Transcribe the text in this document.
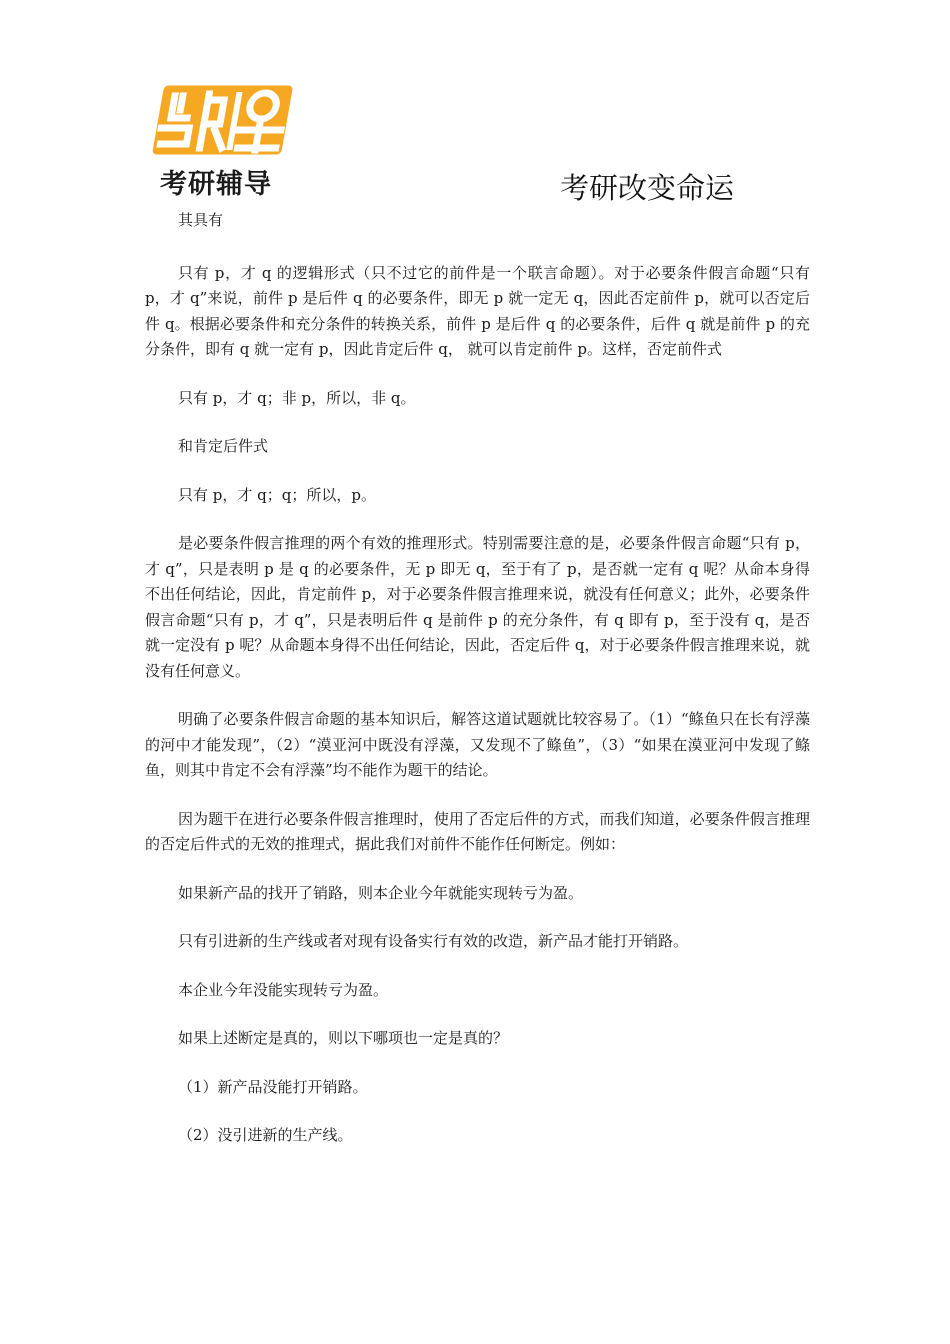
考研辅导	考研改变命运

其具有

只有 p，才 q 的逻辑形式（只不过它的前件是一个联言命题）。对于必要条件假言命题“只有 p，才 q”来说，前件 p 是后件 q 的必要条件，即无 p 就一定无 q，因此否定前件 p，就可以否定后件 q。根据必要条件和充分条件的转换关系，前件 p 是后件 q 的必要条件，后件 q 就是前件 p 的充分条件，即有 q 就一定有 p，因此肯定后件 q， 就可以肯定前件 p。这样，否定前件式

只有 p，才 q；非 p，所以，非 q。

和肯定后件式

只有 p，才 q；q；所以，p。

是必要条件假言推理的两个有效的推理形式。特别需要注意的是，必要条件假言命题“只有 p，才 q”，只是表明 p 是 q 的必要条件，无 p 即无 q，至于有了 p，是否就一定有 q 呢？从命本身得不出任何结论，因此，肯定前件 p，对于必要条件假言推理来说，就没有任何意义；此外，必要条件假言命题“只有 p，才 q”，只是表明后件 q 是前件 p 的充分条件，有 q 即有 p，至于没有 q，是否就一定没有 p 呢？从命题本身得不出任何结论，因此，否定后件 q，对于必要条件假言推理来说，就没有任何意义。

明确了必要条件假言命题的基本知识后，解答这道试题就比较容易了。（1）“鲦鱼只在长有浮藻的河中才能发现”，（2）“漠亚河中既没有浮藻，又发现不了鲦鱼”，（3）“如果在漠亚河中发现了鲦鱼，则其中肯定不会有浮藻”均不能作为题干的结论。

因为题干在进行必要条件假言推理时，使用了否定后件的方式，而我们知道，必要条件假言推理的否定后件式的无效的推理式，据此我们对前件不能作任何断定。例如：

如果新产品的找开了销路，则本企业今年就能实现转亏为盈。

只有引进新的生产线或者对现有设备实行有效的改造，新产品才能打开销路。

本企业今年没能实现转亏为盈。

如果上述断定是真的，则以下哪项也一定是真的？

（1）新产品没能打开销路。

（2）没引进新的生产线。
